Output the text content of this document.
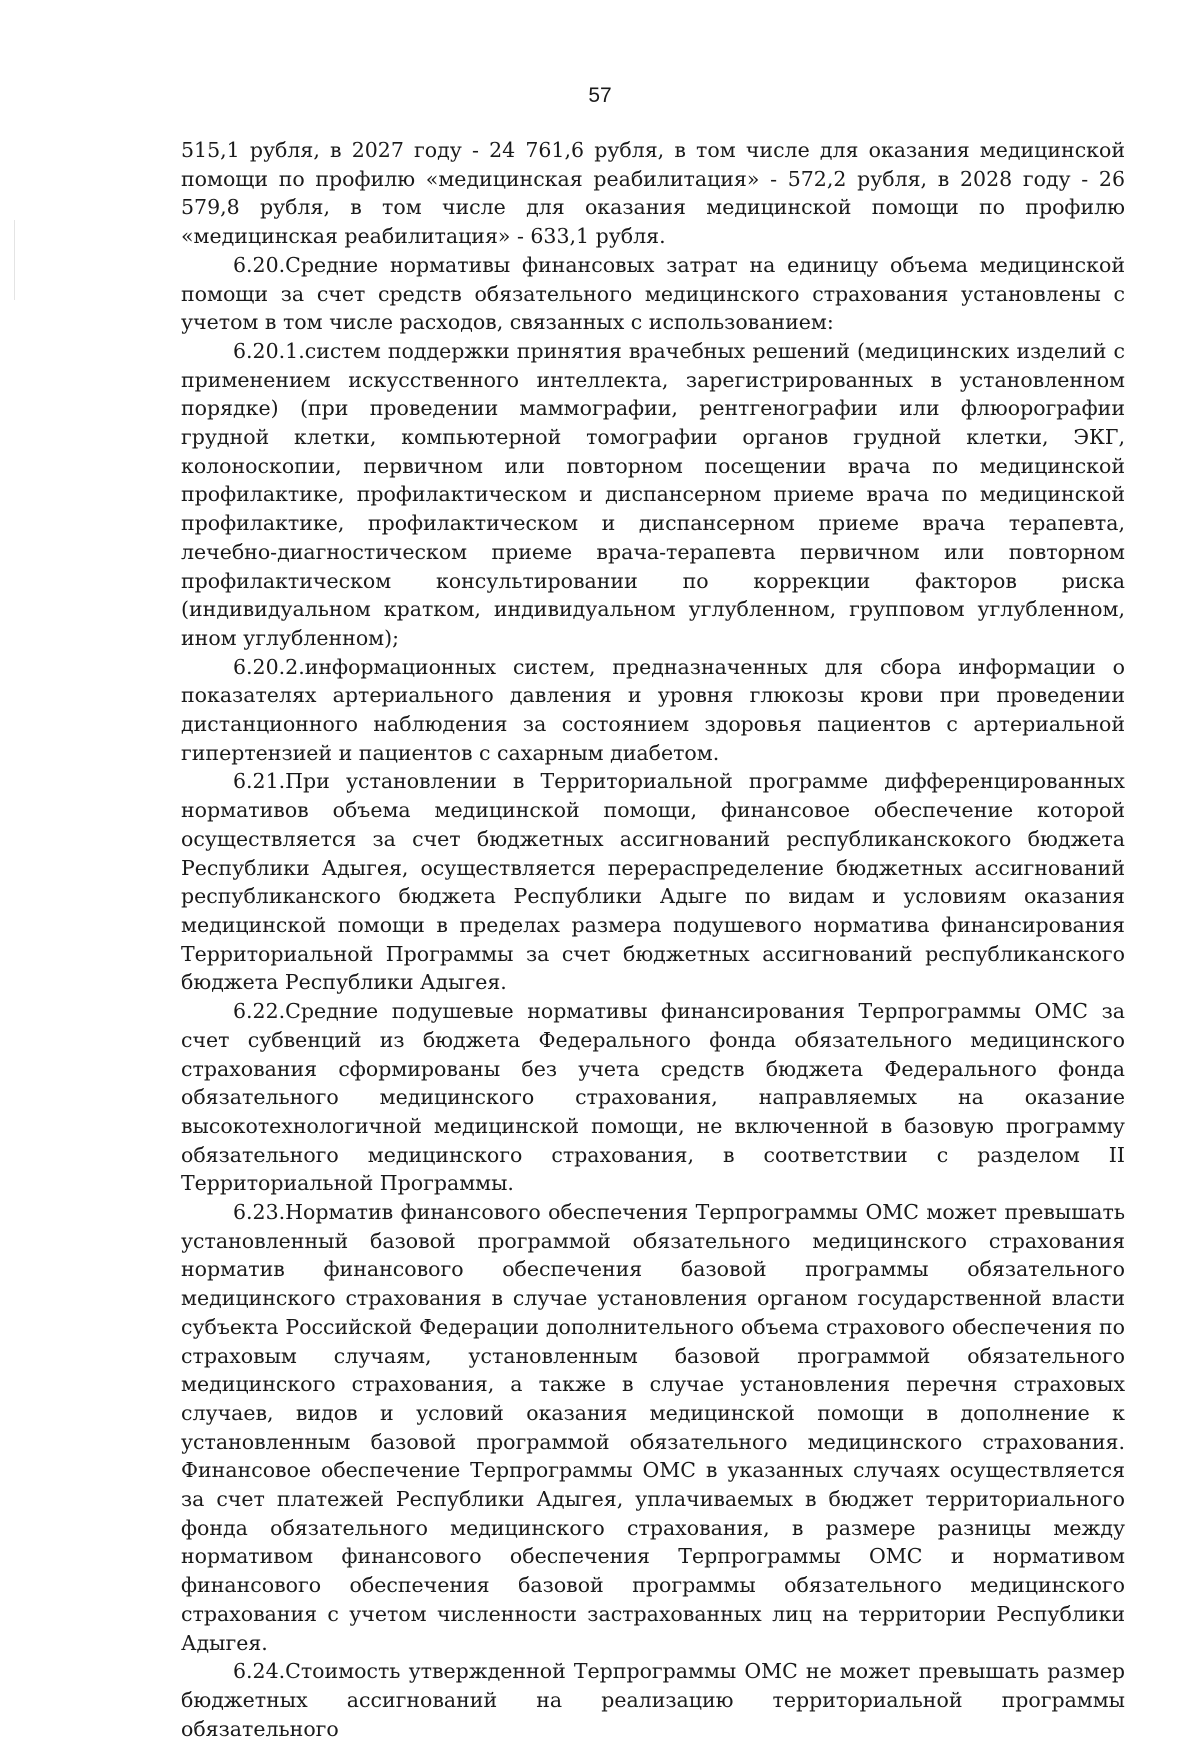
57

515,1 рубля, в 2027 году - 24 761,6 рубля, в том числе для оказания медицинской помощи по профилю «медицинская реабилитация» - 572,2 рубля, в 2028 году - 26 579,8 рубля, в том числе для оказания медицинской помощи по профилю «медицинская реабилитация» - 633,1 рубля.

6.20.Средние нормативы финансовых затрат на единицу объема медицинской помощи за счет средств обязательного медицинского страхования установлены с учетом в том числе расходов, связанных с использованием:

6.20.1.систем поддержки принятия врачебных решений (медицинских изделий с применением искусственного интеллекта, зарегистрированных в установленном порядке) (при проведении маммографии, рентгенографии или флюорографии грудной клетки, компьютерной томографии органов грудной клетки, ЭКГ, колоноскопии, первичном или повторном посещении врача по медицинской профилактике, профилактическом и диспансерном приеме врача по медицинской профилактике, профилактическом и диспансерном приеме врача терапевта, лечебно-диагностическом приеме врача-терапевта первичном или повторном профилактическом консультировании по коррекции факторов риска (индивидуальном кратком, индивидуальном углубленном, групповом углубленном, ином углубленном);

6.20.2.информационных систем, предназначенных для сбора информации о показателях артериального давления и уровня глюкозы крови при проведении дистанционного наблюдения за состоянием здоровья пациентов с артериальной гипертензией и пациентов с сахарным диабетом.

6.21.При установлении в Территориальной программе дифференцированных нормативов объема медицинской помощи, финансовое обеспечение которой осуществляется за счет бюджетных ассигнований республиканскокого бюджета Республики Адыгея, осуществляется перераспределение бюджетных ассигнований республиканского бюджета Республики Адыге по видам и условиям оказания медицинской помощи в пределах размера подушевого норматива финансирования Территориальной Программы за счет бюджетных ассигнований республиканского бюджета Республики Адыгея.

6.22.Средние подушевые нормативы финансирования Терпрограммы ОМС за счет субвенций из бюджета Федерального фонда обязательного медицинского страхования сформированы без учета средств бюджета Федерального фонда обязательного медицинского страхования, направляемых на оказание высокотехнологичной медицинской помощи, не включенной в базовую программу обязательного медицинского страхования, в соответствии с разделом II Территориальной Программы.

6.23.Норматив финансового обеспечения Терпрограммы ОМС может превышать установленный базовой программой обязательного медицинского страхования норматив финансового обеспечения базовой программы обязательного медицинского страхования в случае установления органом государственной власти субъекта Российской Федерации дополнительного объема страхового обеспечения по страховым случаям, установленным базовой программой обязательного медицинского страхования, а также в случае установления перечня страховых случаев, видов и условий оказания медицинской помощи в дополнение к установленным базовой программой обязательного медицинского страхования. Финансовое обеспечение Терпрограммы ОМС в указанных случаях осуществляется за счет платежей Республики Адыгея, уплачиваемых в бюджет территориального фонда обязательного медицинского страхования, в размере разницы между нормативом финансового обеспечения Терпрограммы ОМС и нормативом финансового обеспечения базовой программы обязательного медицинского страхования с учетом численности застрахованных лиц на территории Республики Адыгея.

6.24.Стоимость утвержденной Терпрограммы ОМС не может превышать размер бюджетных ассигнований на реализацию территориальной программы обязательного
